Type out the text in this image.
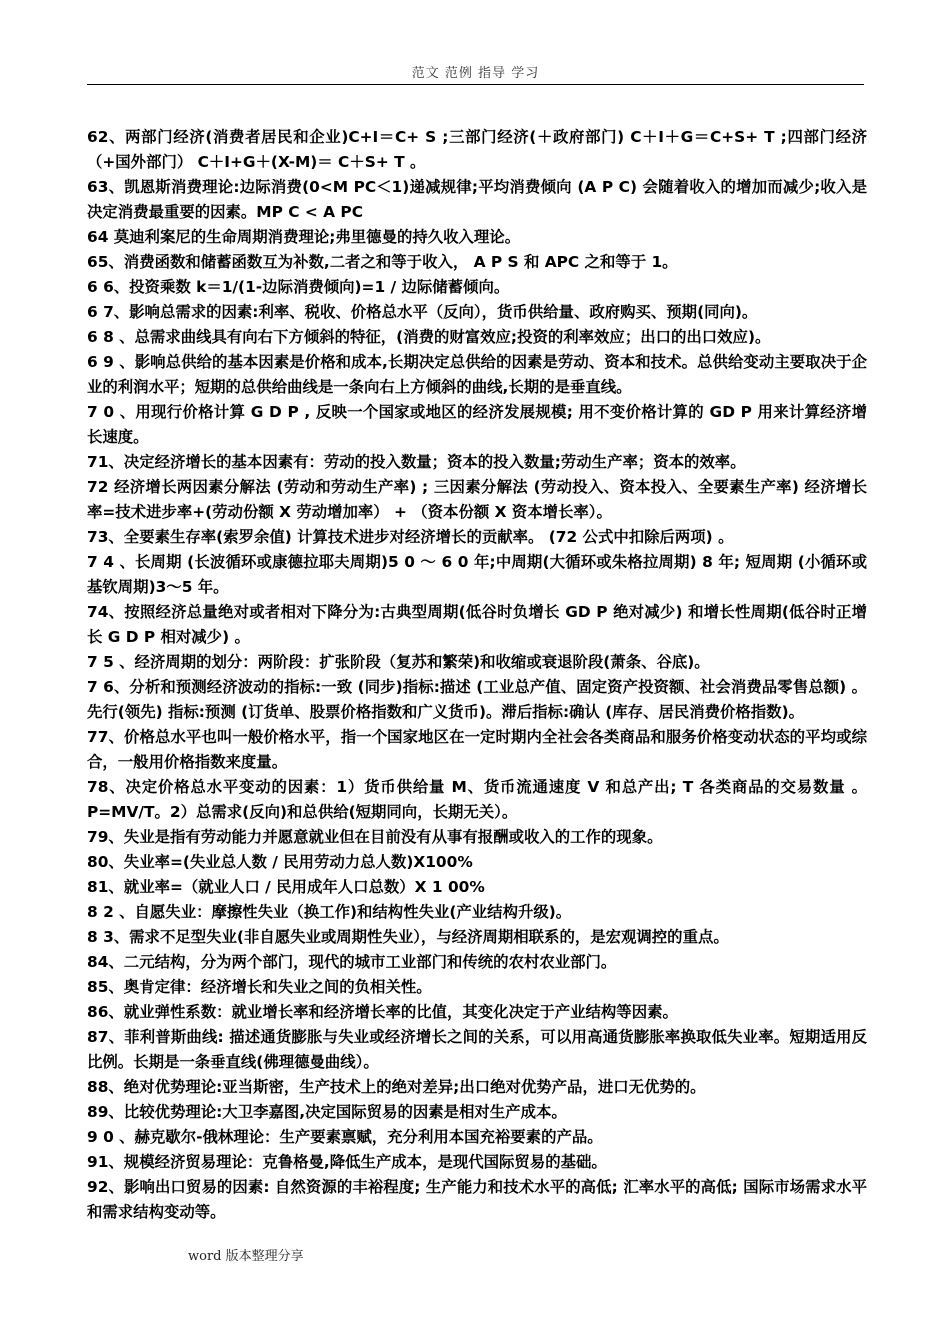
范文 范例 指导 学习

62、两部门经济(消费者居民和企业)C+I＝C+ S ;三部门经济(＋政府部门) C＋I＋G＝C+S+ T ;四部门经济（+国外部门） C＋I+G＋(X-M)＝ C＋S+ T 。

63、凯恩斯消费理论:边际消费(0<M PC＜1)递减规律;平均消费倾向 (A P C) 会随着收入的增加而减少;收入是决定消费最重要的因素。MP C < A PC

64 莫迪利案尼的生命周期消费理论;弗里德曼的持久收入理论。

65、消费函数和储蓄函数互为补数,二者之和等于收入， A P S 和 APC 之和等于 1。

6 6、投资乘数 k＝1/(1-边际消费倾向)=1 / 边际储蓄倾向。

6 7、影响总需求的因素:利率、税收、价格总水平（反向），货币供给量、政府购买、预期(同向)。

6 8 、总需求曲线具有向右下方倾斜的特征，(消费的财富效应;投资的利率效应；出口的出口效应)。

6 9 、影响总供给的基本因素是价格和成本,长期决定总供给的因素是劳动、资本和技术。总供给变动主要取决于企业的利润水平；短期的总供给曲线是一条向右上方倾斜的曲线,长期的是垂直线。

7 0 、用现行价格计算 G D P , 反映一个国家或地区的经济发展规模; 用不变价格计算的 GD P 用来计算经济增长速度。

71、决定经济增长的基本因素有：劳动的投入数量；资本的投入数量;劳动生产率；资本的效率。

72 经济增长两因素分解法 (劳动和劳动生产率) ; 三因素分解法 (劳动投入、资本投入、全要素生产率) 经济增长率=技术进步率+(劳动份额 X 劳动增加率） + （资本份额 X 资本增长率）。

73、全要素生存率(索罗余值) 计算技术进步对经济增长的贡献率。 (72 公式中扣除后两项) 。

7 4 、长周期 (长波循环或康德拉耶夫周期)5 0 ～ 6 0 年;中周期(大循环或朱格拉周期) 8 年; 短周期 (小循环或基钦周期)3～5 年。

74、按照经济总量绝对或者相对下降分为:古典型周期(低谷时负增长 GD P 绝对减少) 和增长性周期(低谷时正增长 G D P 相对减少) 。

7 5 、经济周期的划分：两阶段：扩张阶段（复苏和繁荣)和收缩或衰退阶段(萧条、谷底)。

7 6、分析和预测经济波动的指标:一致 (同步)指标:描述 (工业总产值、固定资产投资额、社会消费品零售总额) 。先行(领先) 指标:预测 (订货单、股票价格指数和广义货币)。滞后指标:确认 (库存、居民消费价格指数)。

77、价格总水平也叫一般价格水平，指一个国家地区在一定时期内全社会各类商品和服务价格变动状态的平均或综合，一般用价格指数来度量。

78、决定价格总水平变动的因素：1）货币供给量 M、货币流通速度 V 和总产出; T 各类商品的交易数量 。P=MV/T。2）总需求(反向)和总供给(短期同向，长期无关）。

79、失业是指有劳动能力并愿意就业但在目前没有从事有报酬或收入的工作的现象。

80、失业率=(失业总人数 / 民用劳动力总人数)X100%

81、就业率=（就业人口 / 民用成年人口总数）X 1 00%

8 2 、自愿失业：摩擦性失业（换工作)和结构性失业(产业结构升级)。

8 3、需求不足型失业(非自愿失业或周期性失业），与经济周期相联系的，是宏观调控的重点。

84、二元结构，分为两个部门，现代的城市工业部门和传统的农村农业部门。

85、奥肯定律：经济增长和失业之间的负相关性。

86、就业弹性系数：就业增长率和经济增长率的比值，其变化决定于产业结构等因素。

87、菲利普斯曲线: 描述通货膨胀与失业或经济增长之间的关系，可以用高通货膨胀率换取低失业率。短期适用反比例。长期是一条垂直线(佛理德曼曲线）。

88、绝对优势理论:亚当斯密，生产技术上的绝对差异;出口绝对优势产品，进口无优势的。

89、比较优势理论:大卫李嘉图,决定国际贸易的因素是相对生产成本。

9 0 、赫克歇尔-俄林理论：生产要素禀赋，充分利用本国充裕要素的产品。

91、规模经济贸易理论：克鲁格曼,降低生产成本，是现代国际贸易的基础。

92、影响出口贸易的因素: 自然资源的丰裕程度; 生产能力和技术水平的高低; 汇率水平的高低; 国际市场需求水平和需求结构变动等。

word 版本整理分享
